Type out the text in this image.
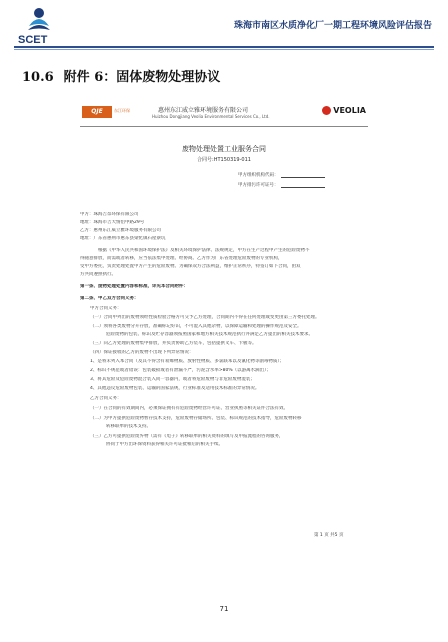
SCET
珠海市南区水质净化厂一期工程环境风险评估报告
10.6 附件 6：固体废物处理协议
QJE	东江环保	惠州东江威立雅环境服务有限公司
Huizhou Dongjiang Veolia Environmental Services Co., Ltd.
VEOLIA
废物处理处置工业服务合同
合同号:HT150319-011
甲方组织机构代码：
甲方排污许可证号：
甲方：珠海吉奈环保有限公司
地址：珠海市吉大情侣中路29号
乙方：惠州东江威立雅环境服务有限公司
地址：广东省惠州市惠东县梁化镇石屋寮坑
根据《中华人民共和国环境保护法》及相关环境保护法律、法规规定，甲方在生产过程中产生的危险废物不
得随意排放，而需或者转移，应当依法集中处理、经协商。乙方作为广东省处理危险废物的专业机构，
受甲方委托，负责处理处置甲方产生的危险废物。为确保双方合法利益，维护正常秩序，特签订如下合同，由双
方共同遵照执行。
第一条、废物处理处置内容和标准，详见本合同附件：
第二条、甲乙双方合同义务：
甲方合同义务：
（一）合同中列出的废物须经性质检验合格方可交予乙方处理，合同期内不得在任何处理或变更由第三方委托处理。
（二）须将各类废物分开存放，准确标记好识，不可混入其他杂物，以保障运输和处理的操作规范及安全。
危险废物的包装、标识及贮存容器须按照国家和地方相关技术规范执行并满足乙方提出的相关技术要求。
（三）向乙方处理的废物集中排放，并负责协助乙方装车，包括提供叉车、卡板等。
（四）保证接收的乙方的废物不出现下列异常情况：
1、是将未列入本合同（及其不得含有易爆物质、放射性物质、多氯联苯以及氰化物等剧毒物质）；
2、标识不规范或者错误：包装破损或者有泄漏不严，污泥含水率>80%（以游离水滴出）；
3、将其危险及危险废物混合装入同一容器内，或者将危险废物与非危险废物混装；
4、其他违反危险废物包装、运输的国家法规，行业标准及适用技术标准的异常情况。
乙方合同义务：
（一）在合同的有效期间内，必须保证拥有有危险废物经营许可证、营业执照等相关证件合法有效。
（二）为甲方提供危险废物暂存技术支持，危险废物存储场所、包装、标识规范的技术指导，危险废物转移
转移联单的技术支持。
（三）乙方可提供危险废弃物（需有《电子》转移联单的相关资料的填写及申报流程的咨询服务，
协同于甲方出环保资料获得相关许可证批相后的相关手续。
第 1 页 共5 页
71
